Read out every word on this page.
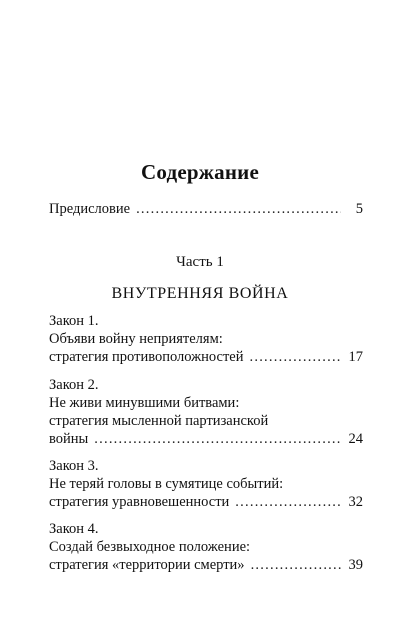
Содержание
Предисловие . . .	5
Часть 1
ВНУТРЕННЯЯ ВОЙНА
Закон 1.
Объяви войну неприятелям:
стратегия противоположностей . . .	17
Закон 2.
Не живи минувшими битвами:
стратегия мысленной партизанской
войны . . .	24
Закон 3.
Не теряй головы в сумятице событий:
стратегия уравновешенности . . .	32
Закон 4.
Создай безвыходное положение:
стратегия «территории смерти» . . .	39
